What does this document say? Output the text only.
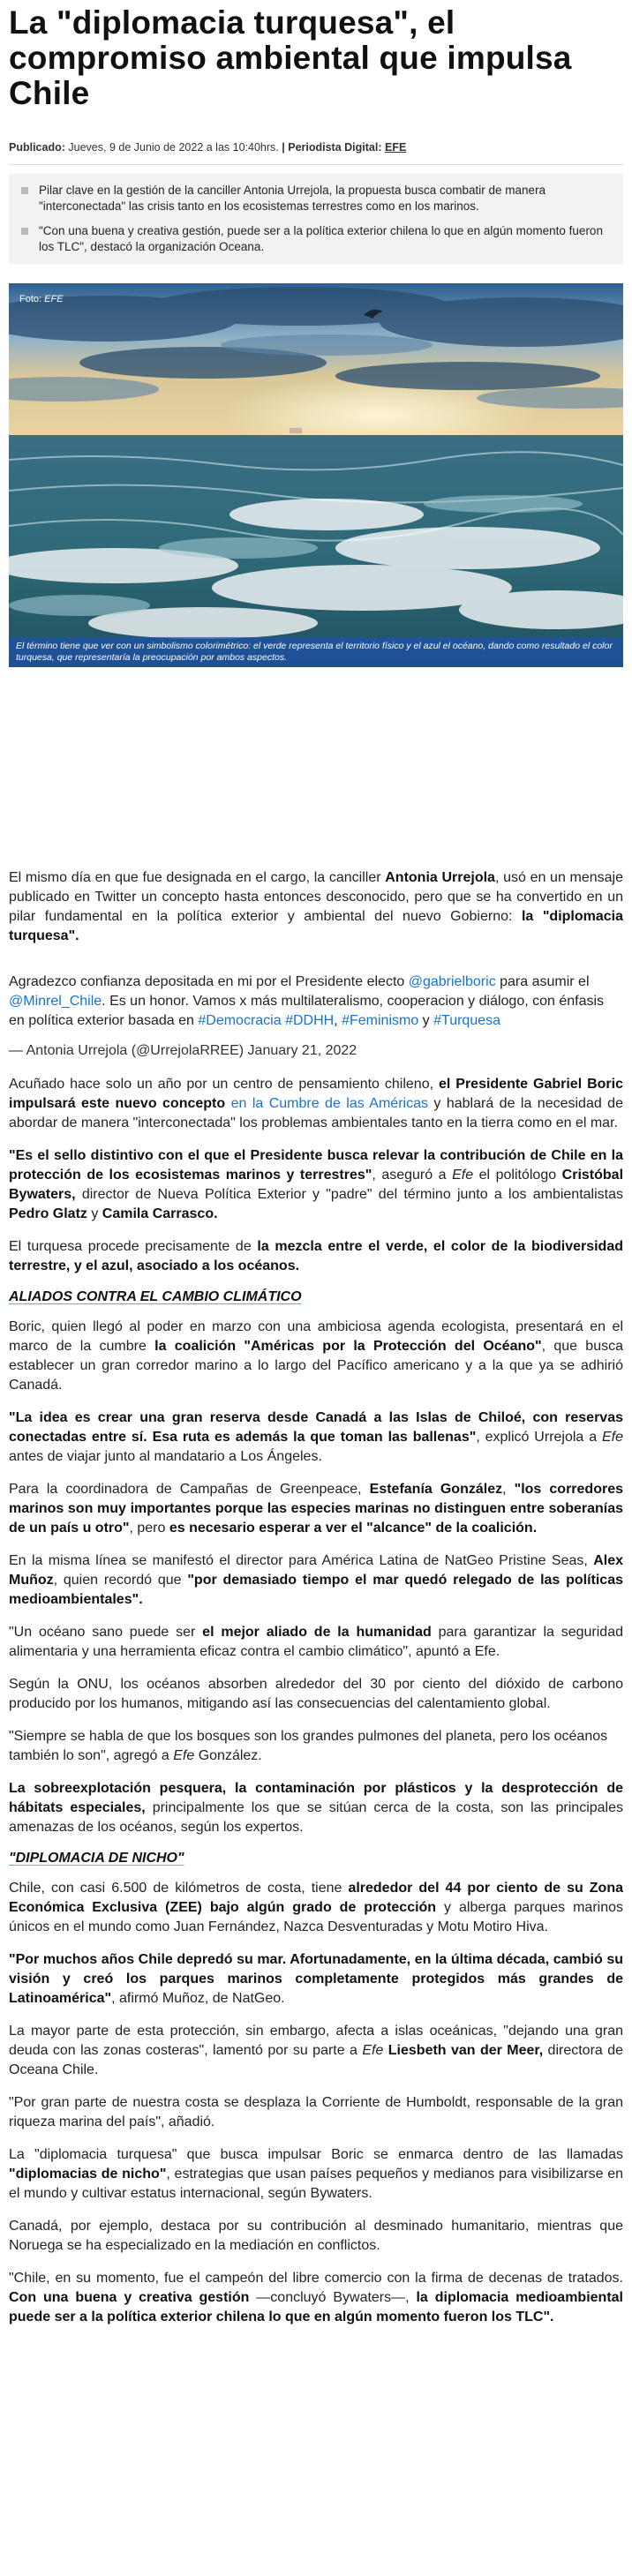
La "diplomacia turquesa", el compromiso ambiental que impulsa Chile
Publicado: Jueves, 9 de Junio de 2022 a las 10:40hrs. | Periodista Digital: EFE
Pilar clave en la gestión de la canciller Antonia Urrejola, la propuesta busca combatir de manera "interconectada" las crisis tanto en los ecosistemas terrestres como en los marinos.
"Con una buena y creativa gestión, puede ser a la política exterior chilena lo que en algún momento fueron los TLC", destacó la organización Oceana.
Foto: EFE
El término tiene que ver con un simbolismo colorimétrico: el verde representa el territorio físico y el azul el océano, dando como resultado el color turquesa, que representaría la preocupación por ambos aspectos.

El mismo día en que fue designada en el cargo, la canciller Antonia Urrejola, usó en un mensaje publicado en Twitter un concepto hasta entonces desconocido, pero que se ha convertido en un pilar fundamental en la política exterior y ambiental del nuevo Gobierno: la "diplomacia turquesa".

Agradezco confianza depositada en mi por el Presidente electo @gabrielboric para asumir el @Minrel_Chile. Es un honor. Vamos x más multilateralismo, cooperacion y diálogo, con énfasis en política exterior basada en #Democracia #DDHH, #Feminismo y #Turquesa

— Antonia Urrejola (@UrrejolaRREE) January 21, 2022

Acuñado hace solo un año por un centro de pensamiento chileno, el Presidente Gabriel Boric impulsará este nuevo concepto en la Cumbre de las Américas y hablará de la necesidad de abordar de manera "interconectada" los problemas ambientales tanto en la tierra como en el mar.

"Es el sello distintivo con el que el Presidente busca relevar la contribución de Chile en la protección de los ecosistemas marinos y terrestres", aseguró a Efe el politólogo Cristóbal Bywaters, director de Nueva Política Exterior y "padre" del término junto a los ambientalistas Pedro Glatz y Camila Carrasco.

El turquesa procede precisamente de la mezcla entre el verde, el color de la biodiversidad terrestre, y el azul, asociado a los océanos.

ALIADOS CONTRA EL CAMBIO CLIMÁTICO

Boric, quien llegó al poder en marzo con una ambiciosa agenda ecologista, presentará en el marco de la cumbre la coalición "Américas por la Protección del Océano", que busca establecer un gran corredor marino a lo largo del Pacífico americano y a la que ya se adhirió Canadá.

"La idea es crear una gran reserva desde Canadá a las Islas de Chiloé, con reservas conectadas entre sí. Esa ruta es además la que toman las ballenas", explicó Urrejola a Efe antes de viajar junto al mandatario a Los Ángeles.

Para la coordinadora de Campañas de Greenpeace, Estefanía González, "los corredores marinos son muy importantes porque las especies marinas no distinguen entre soberanías de un país u otro", pero es necesario esperar a ver el "alcance" de la coalición.

En la misma línea se manifestó el director para América Latina de NatGeo Pristine Seas, Alex Muñoz, quien recordó que "por demasiado tiempo el mar quedó relegado de las políticas medioambientales".

"Un océano sano puede ser el mejor aliado de la humanidad para garantizar la seguridad alimentaria y una herramienta eficaz contra el cambio climático", apuntó a Efe.

Según la ONU, los océanos absorben alrededor del 30 por ciento del dióxido de carbono producido por los humanos, mitigando así las consecuencias del calentamiento global.

"Siempre se habla de que los bosques son los grandes pulmones del planeta, pero los océanos también lo son", agregó a Efe González.

La sobreexplotación pesquera, la contaminación por plásticos y la desprotección de hábitats especiales, principalmente los que se sitúan cerca de la costa, son las principales amenazas de los océanos, según los expertos.

"DIPLOMACIA DE NICHO"

Chile, con casi 6.500 de kilómetros de costa, tiene alrededor del 44 por ciento de su Zona Económica Exclusiva (ZEE) bajo algún grado de protección y alberga parques marinos únicos en el mundo como Juan Fernández, Nazca Desventuradas y Motu Motiro Hiva.

"Por muchos años Chile depredó su mar. Afortunadamente, en la última década, cambió su visión y creó los parques marinos completamente protegidos más grandes de Latinoamérica", afirmó Muñoz, de NatGeo.

La mayor parte de esta protección, sin embargo, afecta a islas oceánicas, "dejando una gran deuda con las zonas costeras", lamentó por su parte a Efe Liesbeth van der Meer, directora de Oceana Chile.

"Por gran parte de nuestra costa se desplaza la Corriente de Humboldt, responsable de la gran riqueza marina del país", añadió.

La "diplomacia turquesa" que busca impulsar Boric se enmarca dentro de las llamadas "diplomacias de nicho", estrategias que usan países pequeños y medianos para visibilizarse en el mundo y cultivar estatus internacional, según Bywaters.

Canadá, por ejemplo, destaca por su contribución al desminado humanitario, mientras que Noruega se ha especializado en la mediación en conflictos.

"Chile, en su momento, fue el campeón del libre comercio con la firma de decenas de tratados. Con una buena y creativa gestión —concluyó Bywaters—, la diplomacia medioambiental puede ser a la política exterior chilena lo que en algún momento fueron los TLC".
